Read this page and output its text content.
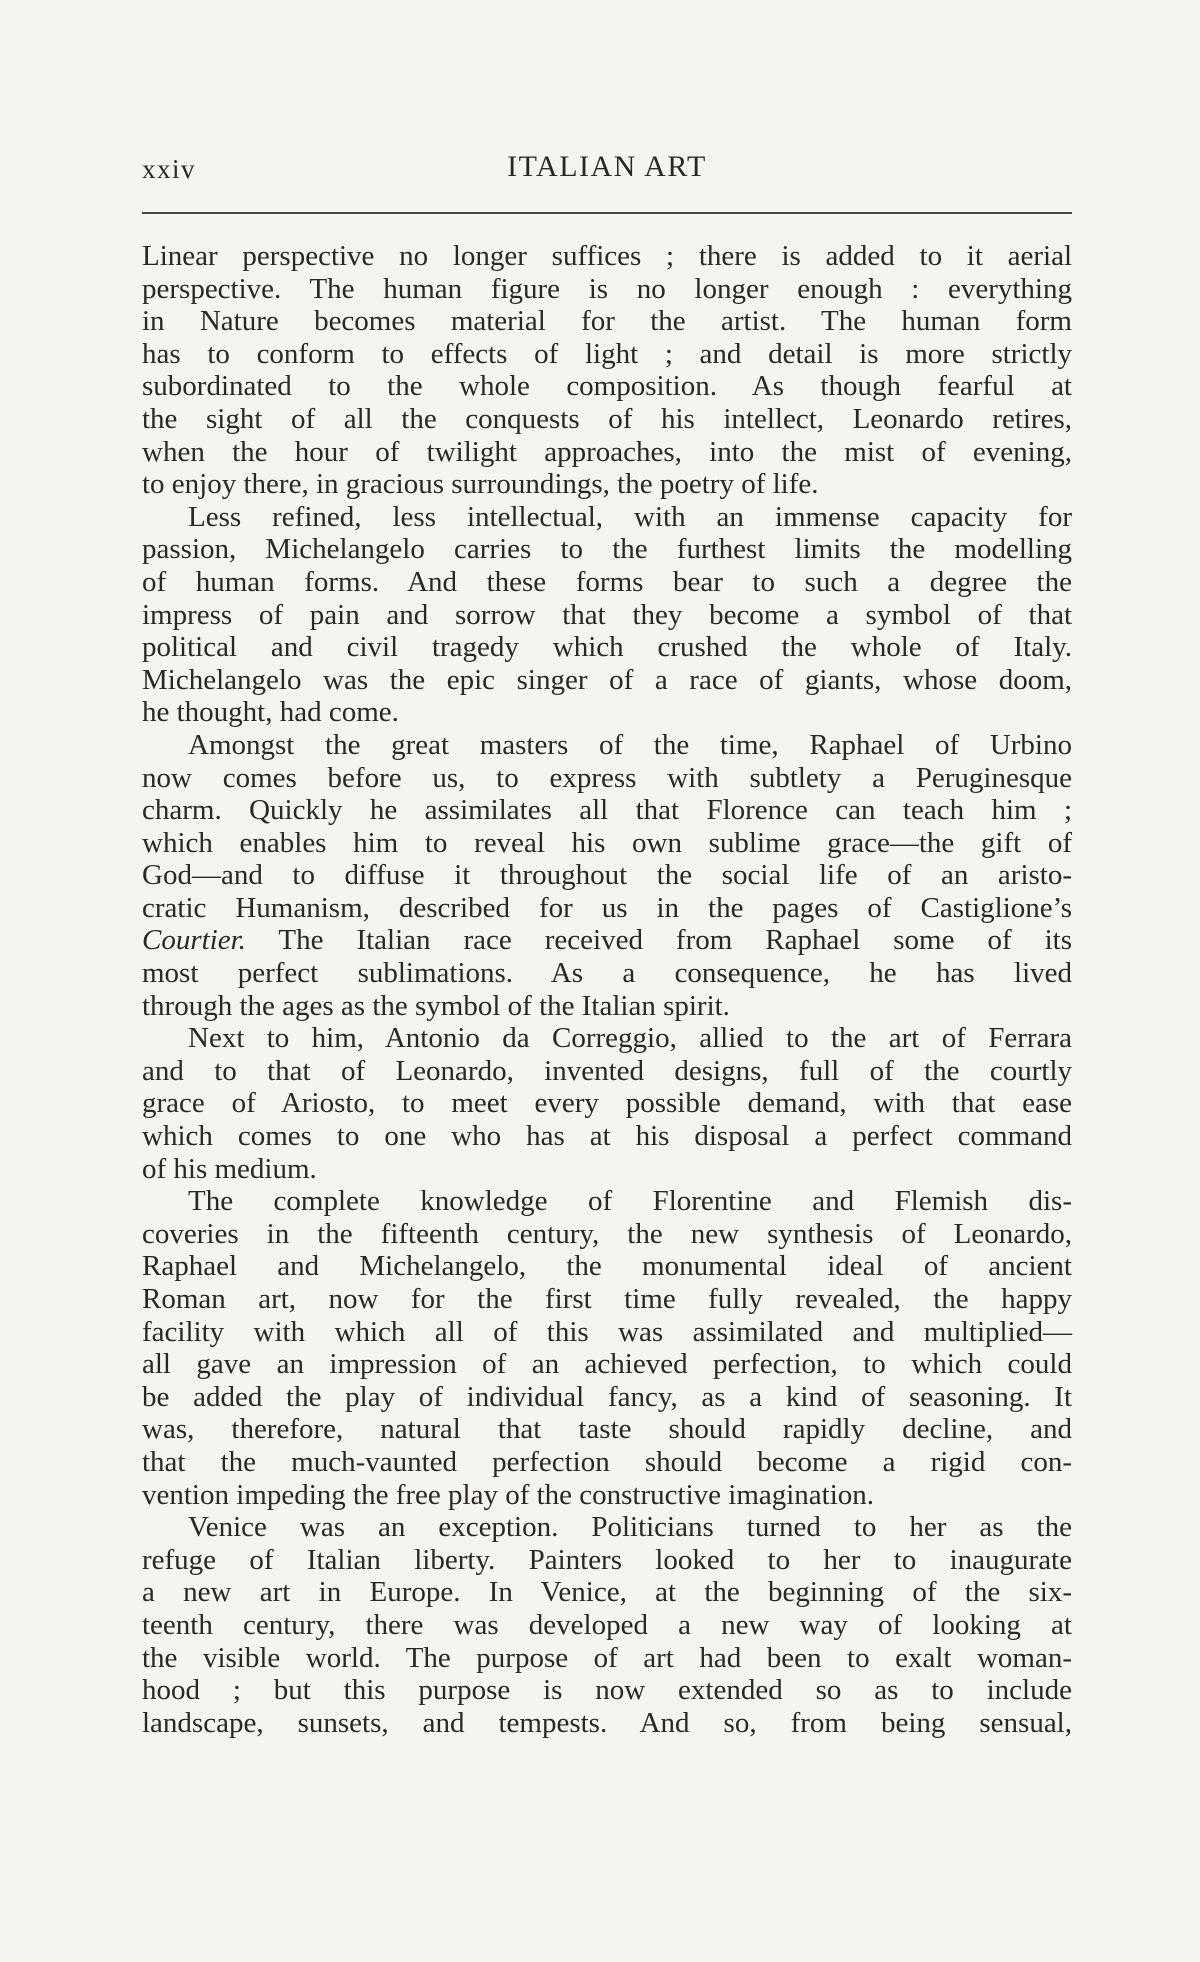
xxiv	ITALIAN ART
Linear perspective no longer suffices ; there is added to it aerial
perspective. The human figure is no longer enough : everything
in Nature becomes material for the artist. The human form
has to conform to effects of light ; and detail is more strictly
subordinated to the whole composition. As though fearful at
the sight of all the conquests of his intellect, Leonardo retires,
when the hour of twilight approaches, into the mist of evening,
to enjoy there, in gracious surroundings, the poetry of life.
Less refined, less intellectual, with an immense capacity for
passion, Michelangelo carries to the furthest limits the modelling
of human forms. And these forms bear to such a degree the
impress of pain and sorrow that they become a symbol of that
political and civil tragedy which crushed the whole of Italy.
Michelangelo was the epic singer of a race of giants, whose doom,
he thought, had come.
Amongst the great masters of the time, Raphael of Urbino
now comes before us, to express with subtlety a Peruginesque
charm. Quickly he assimilates all that Florence can teach him ;
which enables him to reveal his own sublime grace—the gift of
God—and to diffuse it throughout the social life of an aristo-
cratic Humanism, described for us in the pages of Castiglione’s
Courtier. The Italian race received from Raphael some of its
most perfect sublimations. As a consequence, he has lived
through the ages as the symbol of the Italian spirit.
Next to him, Antonio da Correggio, allied to the art of Ferrara
and to that of Leonardo, invented designs, full of the courtly
grace of Ariosto, to meet every possible demand, with that ease
which comes to one who has at his disposal a perfect command
of his medium.
The complete knowledge of Florentine and Flemish dis-
coveries in the fifteenth century, the new synthesis of Leonardo,
Raphael and Michelangelo, the monumental ideal of ancient
Roman art, now for the first time fully revealed, the happy
facility with which all of this was assimilated and multiplied—
all gave an impression of an achieved perfection, to which could
be added the play of individual fancy, as a kind of seasoning. It
was, therefore, natural that taste should rapidly decline, and
that the much-vaunted perfection should become a rigid con-
vention impeding the free play of the constructive imagination.
Venice was an exception. Politicians turned to her as the
refuge of Italian liberty. Painters looked to her to inaugurate
a new art in Europe. In Venice, at the beginning of the six-
teenth century, there was developed a new way of looking at
the visible world. The purpose of art had been to exalt woman-
hood ; but this purpose is now extended so as to include
landscape, sunsets, and tempests. And so, from being sensual,
